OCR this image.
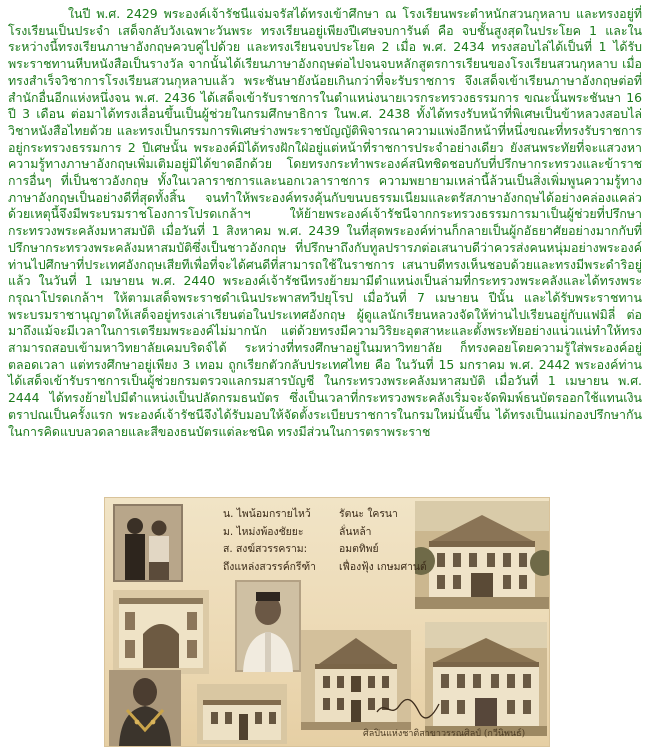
ในปี พ.ศ. 2429 พระองค์เจ้ารัชนีแจ่มจรัสได้ทรงเข้าศึกษา ณ โรงเรียนพระตำหนักสวนกุหลาบ และทรงอยู่ที่โรงเรียนเป็นประจำ เสด็จกลับวังเฉพาะวันพระ ทรงเรียนอยู่เพียงปีเศษจบการันต์ คือ จบชั้นสูงสุดในประโยค 1 และในระหว่างนี้ทรงเรียนภาษาอังกฤษควบคู่ไปด้วย และทรงเรียนจบประโยค 2 เมื่อ พ.ศ. 2434 ทรงสอบไล่ได้เป็นที่ 1 ได้รับพระราชทานหีบหนังสือเป็นรางวัล จากนั้นได้เรียนภาษาอังกฤษต่อไปจนจบหลักสูตรการเรียนของโรงเรียนสวนกุหลาบ เมื่อทรงสำเร็จวิชาการโรงเรียนสวนกุหลาบแล้ว พระชันษายังน้อยเกินกว่าที่จะรับราชการ จึงเสด็จเข้าเรียนภาษาอังกฤษต่อที่สำนักอื่นอีกแห่งหนึ่งจน พ.ศ. 2436 ได้เสด็จเข้ารับราชการในตำแหน่งนายเวรกระทรวงธรรมการ ขณะนั้นพระชันษา 16 ปี 3 เดือน ต่อมาได้ทรงเลื่อนขึ้นเป็นผู้ช่วยในกรมศึกษาธิการ ในพ.ศ. 2438 ทั้งได้ทรงรับหน้าที่พิเศษเป็นข้าหลวงสอบไล่วิชาหนังสือไทยด้วย และทรงเป็นกรรมการพิเศษร่างพระราชบัญญัติพิจารณาความแพ่งอีกหน้าที่หนึ่งขณะที่ทรงรับราชการอยู่กระทรวงธรรมการ 2 ปีเศษนั้น พระองค์มิได้ทรงฝักใฝ่อยู่แต่หน้าที่ราชการประจำอย่างเดียว ยังสนพระทัยที่จะแสวงหาความรู้ทางภาษาอังกฤษเพิ่มเติมอยู่มิได้ขาดอีกด้วย โดยทรงกระทำพระองค์สนิทชิดชอบกับที่ปรึกษากระทรวงและข้าราชการอื่นๆ ที่เป็นชาวอังกฤษ ทั้งในเวลาราชการและนอกเวลาราชการ ความพยายามเหล่านี้ล้วนเป็นสิ่งเพิ่มพูนความรู้ทางภาษาอังกฤษเป็นอย่างดีที่สุดทั้งสิ้น จนทำให้พระองค์ทรงคุ้นกับขนบธรรมเนียมและตรัสภาษาอังกฤษได้อย่างคล่องแคล่ว ด้วยเหตุนี้จึงมีพระบรมราชโองการโปรดเกล้าฯ ให้ย้ายพระองค์เจ้ารัชนีจากกระทรวงธรรมการมาเป็นผู้ช่วยที่ปรึกษากระทรวงพระคลังมหาสมบัติ เมื่อวันที่ 1 สิงหาคม พ.ศ. 2439 ในที่สุดพระองค์ท่านก็กลายเป็นผู้กอัธยาศัยอย่างมากกับที่ปรึกษากระทรวงพระคลังมหาสมบัติซึ่งเป็นชาวอังกฤษ ที่ปรึกษาถึงกับทูลปรารภต่อเสนาบดีว่าควรส่งคนหนุ่มอย่างพระองค์ท่านไปศึกษาที่ประเทศอังกฤษเสียทีเพื่อที่จะได้ศนดีที่สามารถใช้ในราชการ เสนาบดีทรงเห็นชอบด้วยและทรงมีพระดำริอยู่แล้ว ในวันที่ 1 เมษายน พ.ศ. 2440 พระองค์เจ้ารัชนีทรงย้ายมามีตำแหน่งเป็นล่ามที่กระทรวงพระคลังและได้ทรงพระกรุณาโปรดเกล้าฯ ให้ตามเสด็จพระราชดำเนินประพาสทวีปยุโรป เมื่อวันที่ 7 เมษายน ปีนั้น และได้รับพระราชทานพระบรมราชานุญาตให้เสด็จอยู่ทรงเล่าเรียนต่อในประเทศอังกฤษ ผู้ดูแลนักเรียนหลวงจัดให้ท่านไปเรียนอยู่กับแฟมิลี่ ต่อมาถึงแม้จะมีเวลาในการเตรียมพระองค์ไม่มากนัก แต่ด้วยทรงมีความวิริยะอุตสาหะและตั้งพระทัยอย่างแน่วแน่ทำให้ทรงสามารถสอบเข้ามหาวิทยาลัยเคมบริดจ์ได้ ระหว่างที่ทรงศึกษาอยู่ในมหาวิทยาลัย ก็ทรงคอยโดยความรู้ใส่พระองค์อยู่ตลอดเวลา แต่ทรงศึกษาอยู่เพียง 3 เทอม ถูกเรียกตัวกลับประเทศไทย คือ ในวันที่ 15 มกราคม พ.ศ. 2442 พระองค์ท่านได้เสด็จเข้ารับราชการเป็นผู้ช่วยกรมตรวจแลกรมสารบัญชี ในกระทรวงพระคลังมหาสมบัติ เมื่อวันที่ 1 เมษายน พ.ศ. 2444 ได้ทรงย้ายไปมีตำแหน่งเป็นปลัดกรมธนบัตร ซึ่งเป็นเวลาที่กระทรวงพระคลังเริ่มจะจัดพิมพ์ธนบัตรออกใช้แทนเงินตราปณเป็นครั้งแรก พระองค์เจ้ารัชนีจึงได้รับมอบให้จัดตั้งระเบียบราชการในกรมใหม่นั้นขึ้น ได้ทรงเป็นแม่กองปรึกษากันในการคิดแบบลวดลายและสีของธนบัตรแต่ละชนิด ทรงมีส่วนในการตราพระราช

น. ไพน้อมกรายไหว้
ม. ไหม่งพ้องชัยยะ
ส. สงฆ์สวรรคราม:
ถึงแหล่งสวรรค์กรีฑ้า
รัตนะ ใครนา
ลั่นหล้า
อมตทิพย์
เฟื่องฟุ้ง เกษมศานต์
ศิลปินแห่งชาติสาขาวรรณศิลป์ (กวีนิพนธ์)
